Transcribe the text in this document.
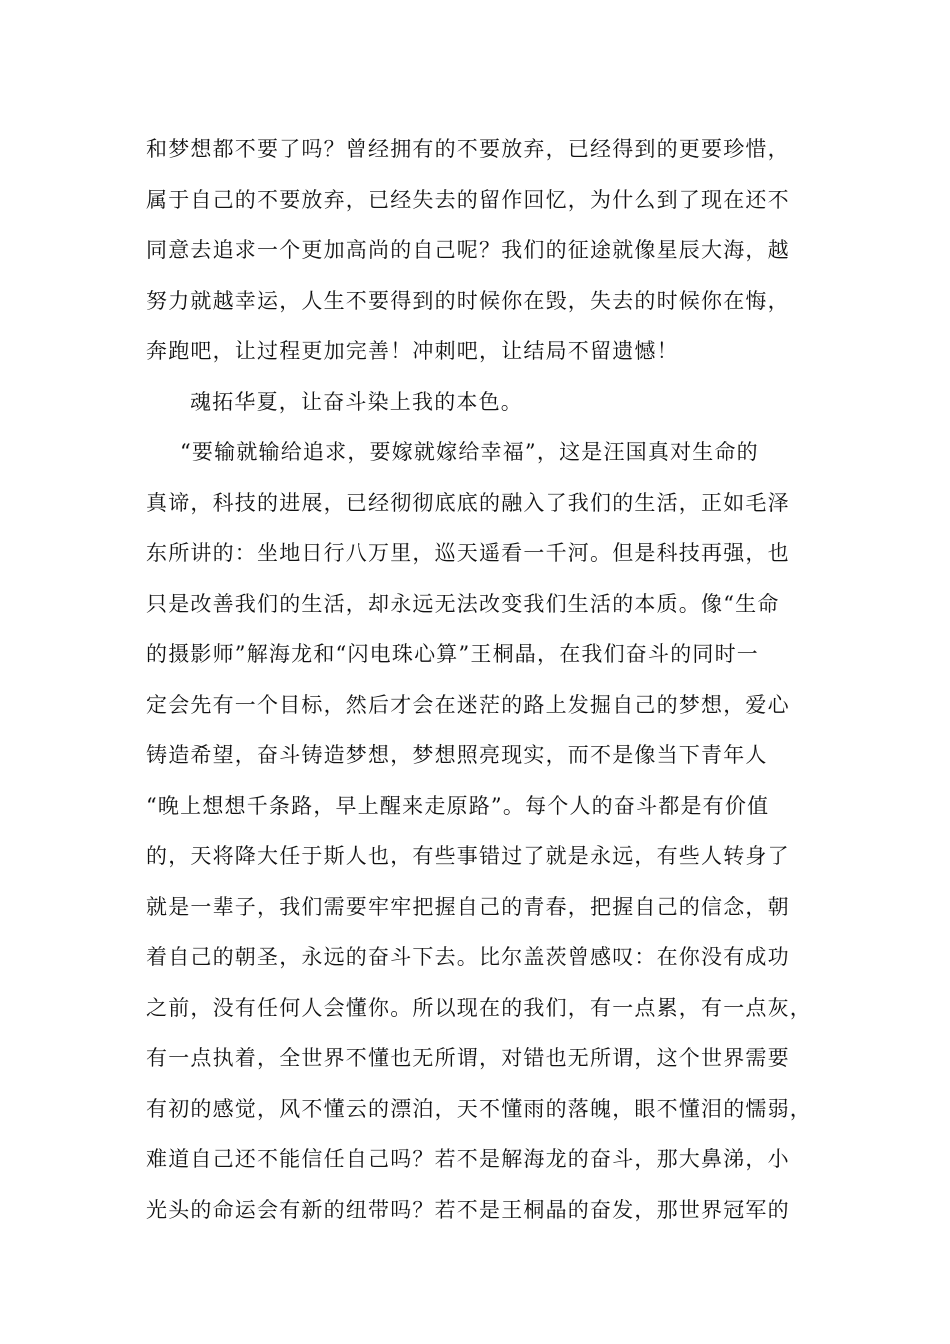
和梦想都不要了吗？曾经拥有的不要放弃，已经得到的更要珍惜，
属于自己的不要放弃，已经失去的留作回忆，为什么到了现在还不
同意去追求一个更加高尚的自己呢？我们的征途就像星辰大海，越
努力就越幸运，人生不要得到的时候你在毁，失去的时候你在悔，
奔跑吧，让过程更加完善！冲刺吧，让结局不留遗憾！
魂拓华夏，让奋斗染上我的本色。
“要输就输给追求，要嫁就嫁给幸福”，这是汪国真对生命的
真谛，科技的进展，已经彻彻底底的融入了我们的生活，正如毛泽
东所讲的：坐地日行八万里，巡天遥看一千河。但是科技再强，也
只是改善我们的生活，却永远无法改变我们生活的本质。像“生命
的摄影师”解海龙和“闪电珠心算”王桐晶，在我们奋斗的同时一
定会先有一个目标，然后才会在迷茫的路上发掘自己的梦想，爱心
铸造希望，奋斗铸造梦想，梦想照亮现实，而不是像当下青年人
“晚上想想千条路，早上醒来走原路”。每个人的奋斗都是有价值
的，天将降大任于斯人也，有些事错过了就是永远，有些人转身了
就是一辈子，我们需要牢牢把握自己的青春，把握自己的信念，朝
着自己的朝圣，永远的奋斗下去。比尔盖茨曾感叹：在你没有成功
之前，没有任何人会懂你。所以现在的我们，有一点累，有一点灰，
有一点执着，全世界不懂也无所谓，对错也无所谓，这个世界需要
有初的感觉，风不懂云的漂泊，天不懂雨的落魄，眼不懂泪的懦弱，
难道自己还不能信任自己吗？若不是解海龙的奋斗，那大鼻涕，小
光头的命运会有新的纽带吗？若不是王桐晶的奋发，那世界冠军的
